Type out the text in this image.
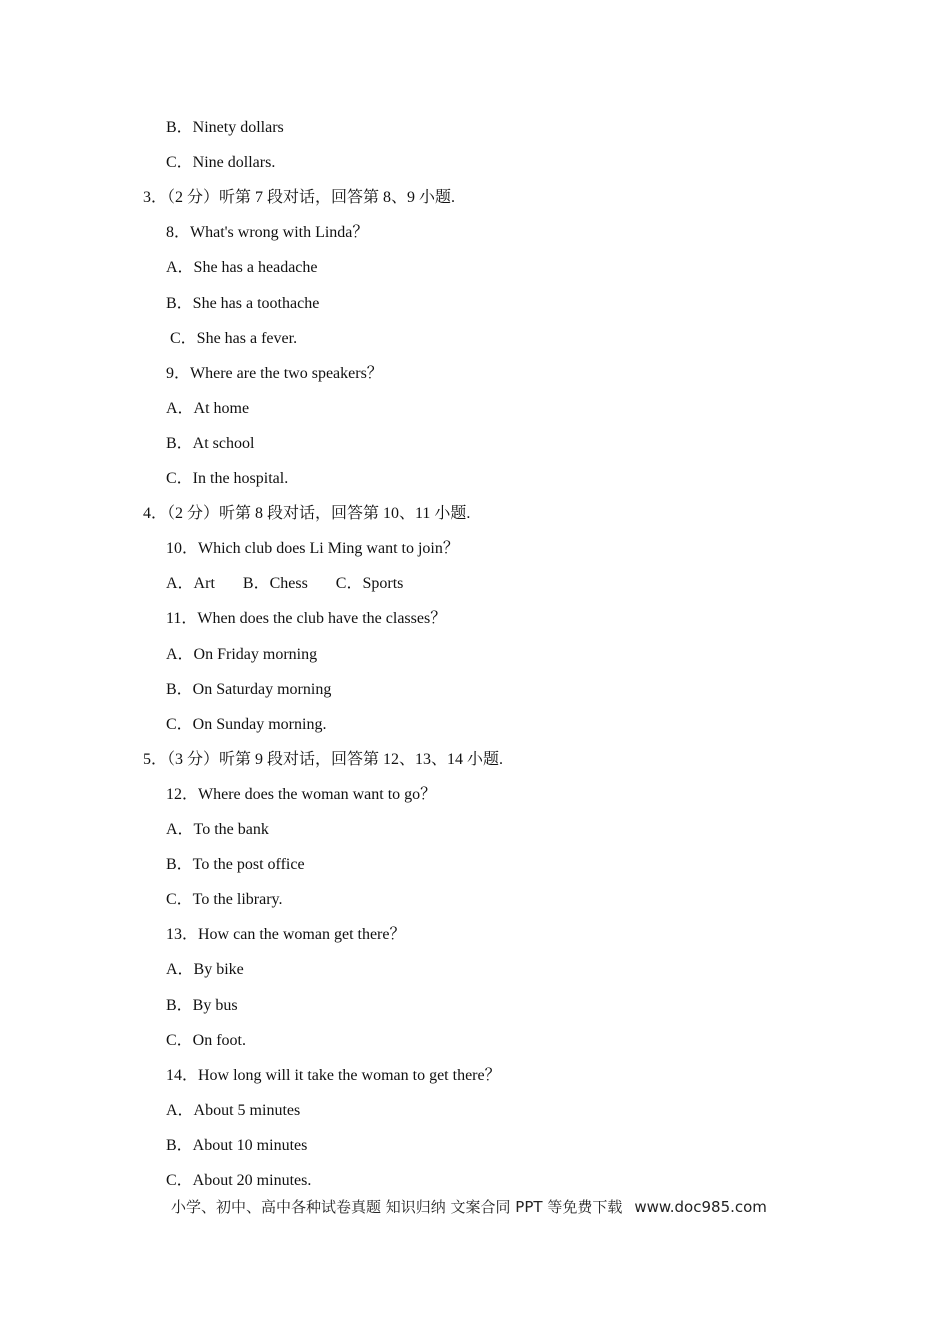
B．Ninety dollars
C．Nine dollars.
3．（2 分）听第 7 段对话，回答第 8、9 小题.
8．What's wrong with Linda？
A．She has a headache
B．She has a toothache
C．She has a fever.
9．Where are the two speakers？
A．At home
B．At school
C．In the hospital.
4．（2 分）听第 8 段对话，回答第 10、11 小题.
10．Which club does Li Ming want to join？
A．Art B．Chess C．Sports
11．When does the club have the classes？
A．On Friday morning
B．On Saturday morning
C．On Sunday morning.
5．（3 分）听第 9 段对话，回答第 12、13、14 小题.
12．Where does the woman want to go？
A．To the bank
B．To the post office
C．To the library.
13．How can the woman get there？
A．By bike
B．By bus
C．On foot.
14．How long will it take the woman to get there？
A．About 5 minutes
B．About 10 minutes
C．About 20 minutes.
小学、初中、高中各种试卷真题 知识归纳 文案合同 PPT 等免费下载 www.doc985.com
